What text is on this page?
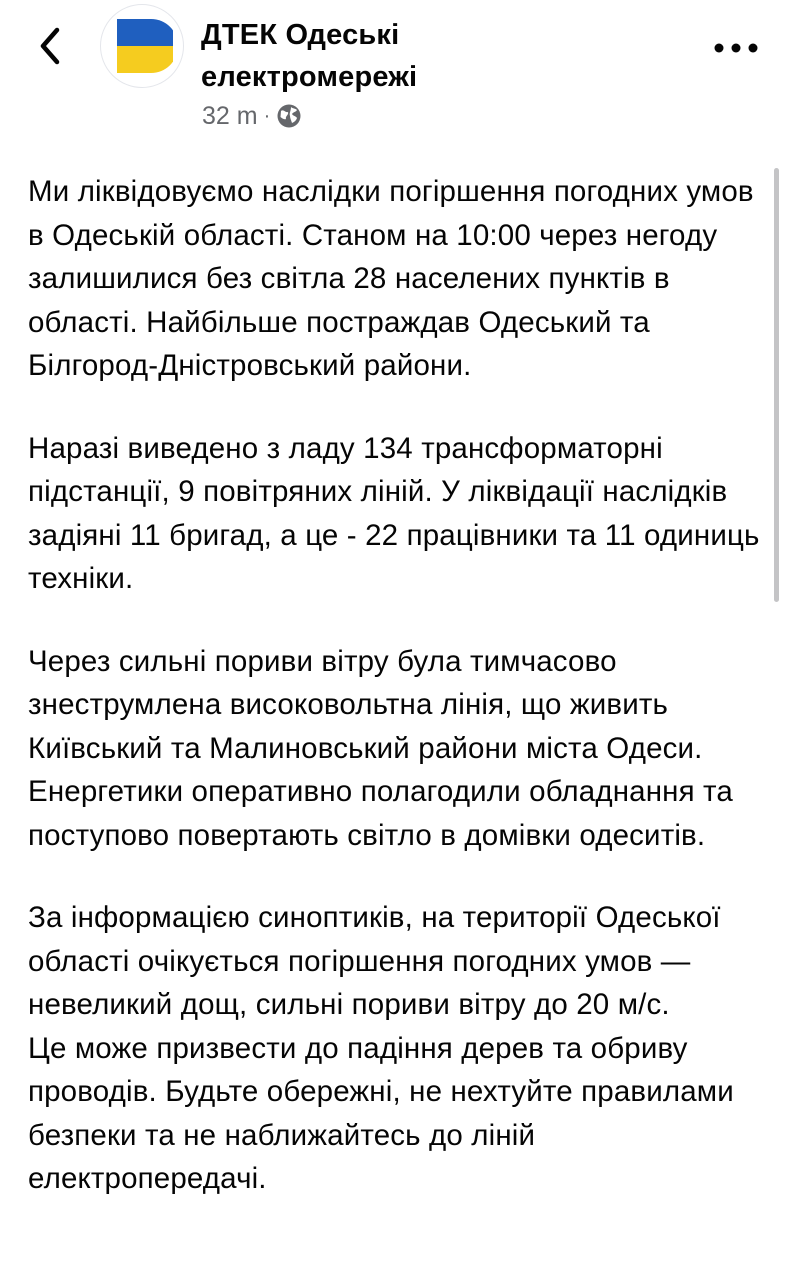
ДТЕК Одеські електромережі
32 m ·

Ми ліквідовуємо наслідки погіршення погодних умов в Одеській області. Станом на 10:00 через негоду залишилися без світла 28 населених пунктів в області. Найбільше постраждав Одеський та Білгород-Дністровський райони.

Наразі виведено з ладу 134 трансформаторні підстанції, 9 повітряних ліній. У ліквідації наслідків задіяні 11 бригад, а це - 22 працівники та 11 одиниць техніки.

Через сильні пориви вітру була тимчасово знеструмлена високовольтна лінія, що живить Київський та Малиновський райони міста Одеси. Енергетики оперативно полагодили обладнання та поступово повертають світло в домівки одеситів.

За інформацією синоптиків, на території Одеської області очікується погіршення погодних умов — невеликий дощ, сильні пориви вітру до 20 м/с.
Це може призвести до падіння дерев та обриву проводів. Будьте обережні, не нехтуйте правилами безпеки та не наближайтесь до ліній електропередачі.
